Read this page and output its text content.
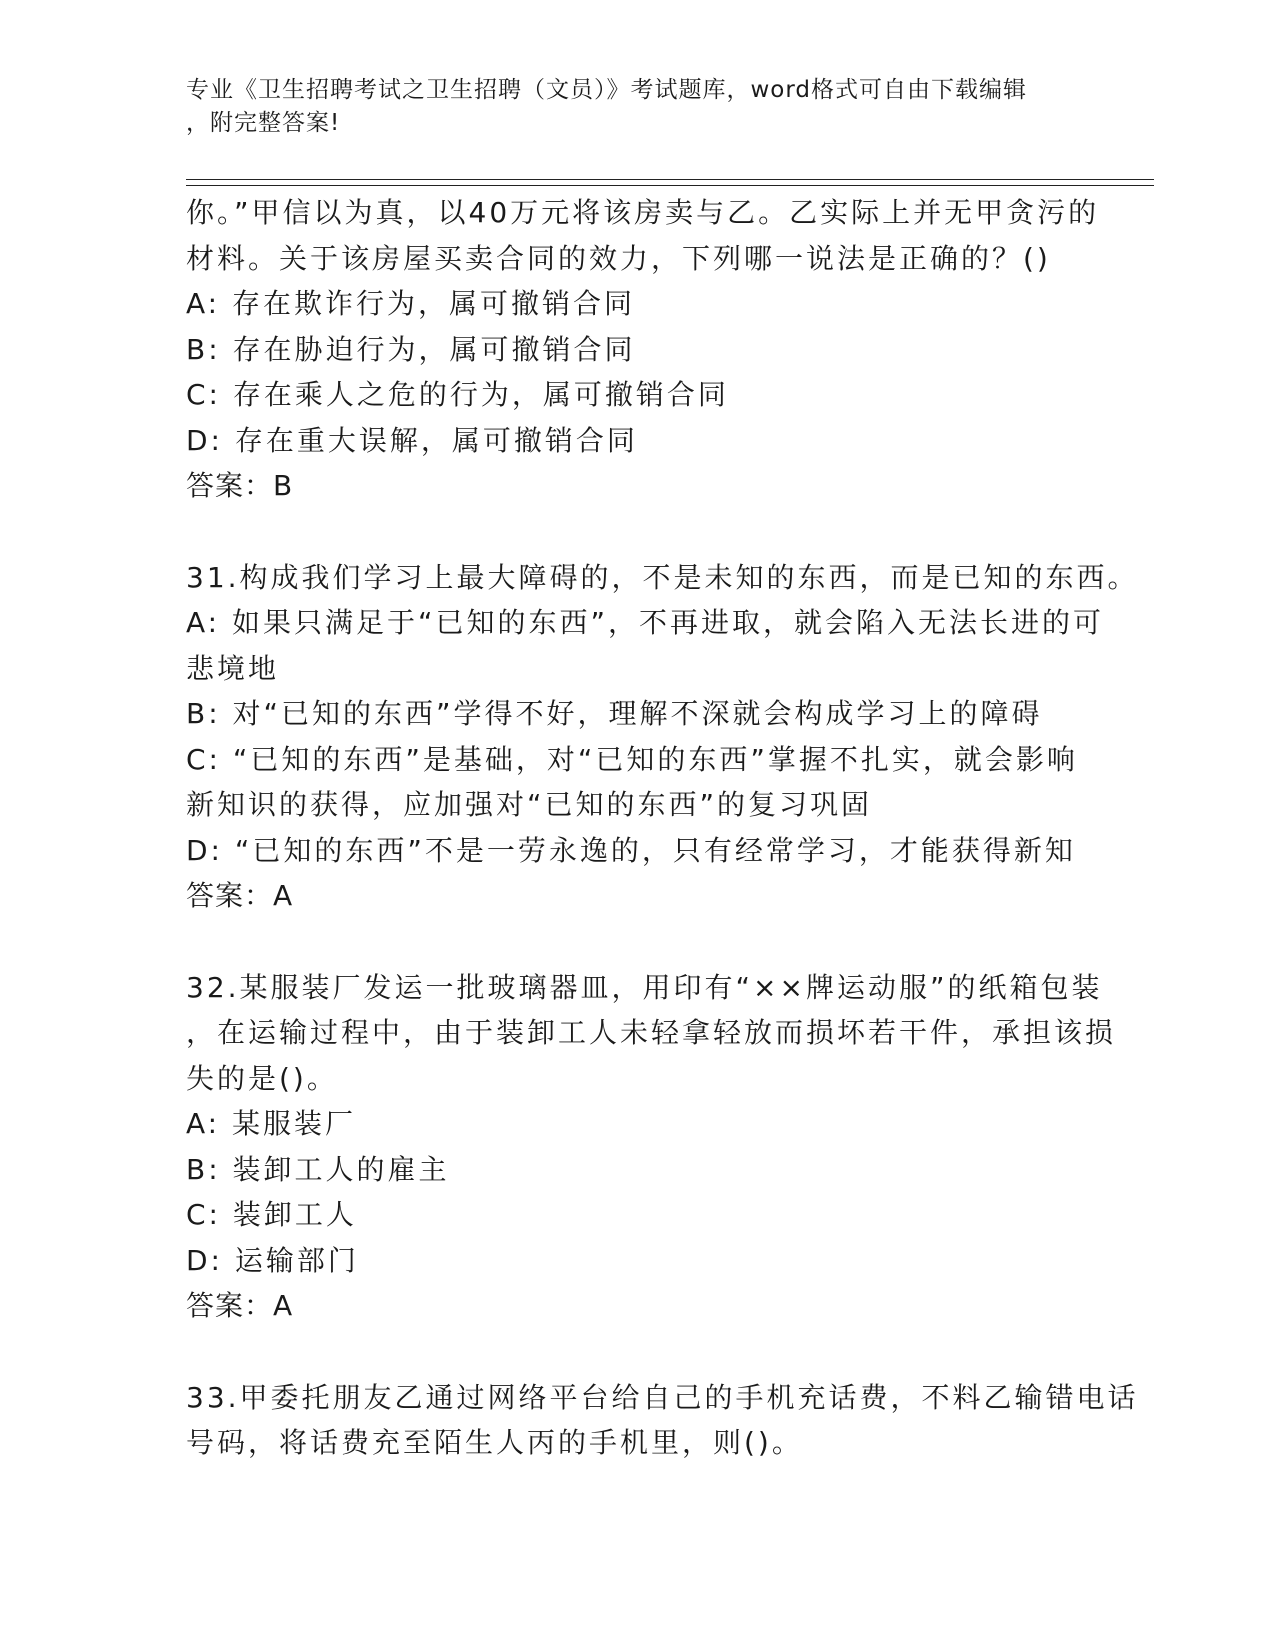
专业《卫生招聘考试之卫生招聘（文员）》考试题库，word格式可自由下载编辑
，附完整答案!
你。”甲信以为真，以40万元将该房卖与乙。乙实际上并无甲贪污的
材料。关于该房屋买卖合同的效力，下列哪一说法是正确的？()
A: 存在欺诈行为，属可撤销合同
B: 存在胁迫行为，属可撤销合同
C: 存在乘人之危的行为，属可撤销合同
D: 存在重大误解，属可撤销合同
答案：B
31.构成我们学习上最大障碍的，不是未知的东西，而是已知的东西。
A: 如果只满足于“已知的东西”，不再进取，就会陷入无法长进的可
悲境地
B: 对“已知的东西”学得不好，理解不深就会构成学习上的障碍
C: “已知的东西”是基础，对“已知的东西”掌握不扎实，就会影响
新知识的获得，应加强对“已知的东西”的复习巩固
D: “已知的东西”不是一劳永逸的，只有经常学习，才能获得新知
答案：A
32.某服装厂发运一批玻璃器皿，用印有“××牌运动服”的纸箱包装
，在运输过程中，由于装卸工人未轻拿轻放而损坏若干件，承担该损
失的是()。
A: 某服装厂
B: 装卸工人的雇主
C: 装卸工人
D: 运输部门
答案：A
33.甲委托朋友乙通过网络平台给自己的手机充话费，不料乙输错电话
号码，将话费充至陌生人丙的手机里，则()。
